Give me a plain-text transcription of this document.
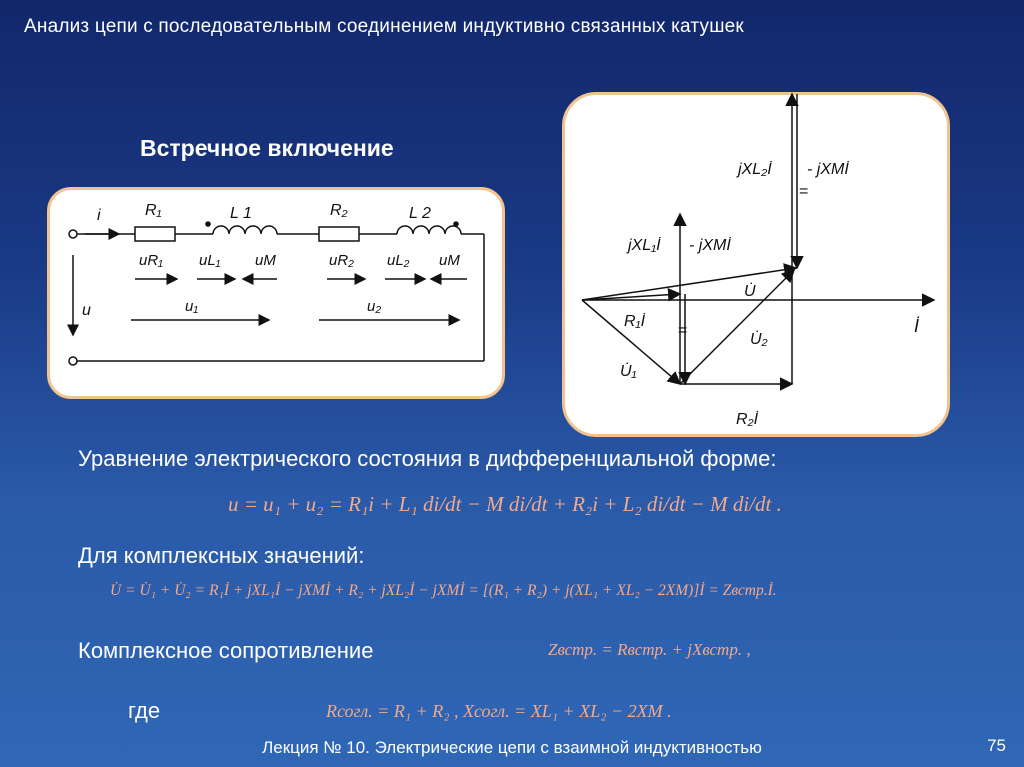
Анализ цепи с последовательным соединением индуктивно связанных катушек
Встречное включение
i	R₁	L 1	R₂	L 2
uR₁ uL₁ uM	uR₂ uL₂ uM
u	u₁	u₂
jXL₂İ - jXMİ
=
jXL₁İ - jXMİ
U̇
İ
R₁İ
=
U̇₂
U̇₁
R₂İ
Уравнение электрического состояния в дифференциальной форме:
u = u₁ + u₂ = R₁i + L₁ di/dt − M di/dt + R₂i + L₂ di/dt − M di/dt .
Для комплексных значений:
U̇ = U̇₁ + U̇₂ = R₁İ + jXL₁İ − jXMİ + R₂ + jXL₂İ − jXMİ = [(R₁ + R₂) + j(XL₁ + XL₂ − 2XM)]İ = Zвстр.İ.
Комплексное сопротивление	Zвстр. = Rвстр. + jXвстр. ,
где	Rсогл. = R₁ + R₂ , Xсогл. = XL₁ + XL₂ − 2XM .
Лекция № 10. Электрические цепи с взаимной индуктивностью	75
